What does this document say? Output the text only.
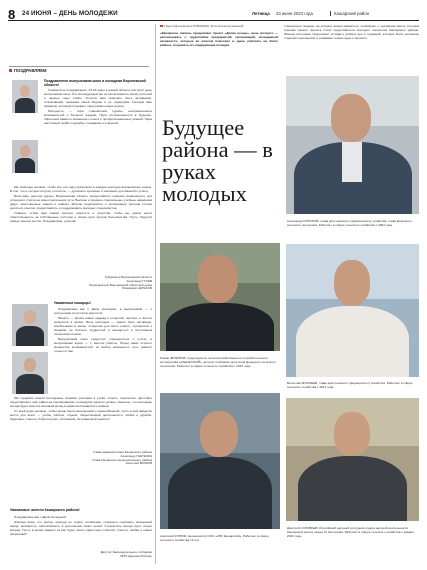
8 24 ИЮНЯ – ДЕНЬ МОЛОДЕЖИ	Летница 23 июня 2023 года	Кашарский район
ПОЗДРАВЛЯЕМ
Поздравление выпускников школ и молодежи Воронежской области!

Совместное поздравление, 23-24 июня в нашей области наступит день выпускников школ. И в последующем вы не раз вспомните своих учителей и первые годы учебы. Хочется вам пожелать быть активными, отзывчивыми, верными своей Родине и ее традициям. Сегодня ваш праздник, который открывает перед вами новые дороги.

Молодость — пора становления судьбы, неограниченных возможностей и больших надежд. Пора устремленности в будущее, обретения важного жизненного опыта и профессиональных умений. Пора настоящей любви и дружбы, созидания и открытий.

Мы искренне желаем, чтобы все эти годы приходили в каждую молодую воронежскую семью. В том, что и эти дни получат отголосок, — духовного здоровья и значимых достижений к успеху.

Всем вам, дорогие друзья, Воронежская область предоставляет широкие возможности для успешного старта на самостоятельном пути. Высшие и средние специальные учебные заведения дадут качественные знания и навыки. Многие предприятия и организации региона готовы делиться опытом, предоставлять и поддерживать молодых специалистов.

Главное, чтобы вам самим хватило смелости и упорства, чтобы вы умели нести ответственность за собственные поступки и порою идти против большинства. Пусть сбудутся самые смелые мечты. Поздравляем, успехов!

Губернатор Воронежской области
Александр ГУСЕВ
Председатель Воронежской областной думы
Владимир НЕТЕСОВ
Уважаемые кашарцы!

Поздравляем вас с Днем молодежи, а выпускников — с получением аттестатов зрелости!

Юность — время новых надежд и открытий, светлых и чистых помыслов в жизни. Быть молодым — значит быть активным, влюбленным в жизнь, открытым для всего нового, стремиться к знаниям, не бояться трудностей и находиться в постоянном творческом поиске.

Выпускникам школ предстоит определиться с путем, а выпускникам вузов — с местом работы. Перед вами открыто множество возможностей, но выбор жизненного пути зависит только от вас.

Мы гордимся нашей молодежью, вашими успехами в учебе, спорте, творчестве. Достойно представляете наш район на соревнованиях и конкурсах разного уровня. Уверены, что молодежь всегда будет вносить весомый вклад в развитие Кашарского района.

От всей души желаем, чтобы жизнь была насыщенной и разнообразной, пусть в ней найдется место для всего — учебы, работы, отдыха, общественной деятельности, любви и дружбы. Здоровья, счастья, благополучия, оптимизма, безграничной энергии!

Глава администрации Кашарского района
Александр ГНЕТЕЗИН
Глава Кашарского муниципального района
Анатолий ВОЛКОВ
Уважаемые жители Кашарского района!

Поздравляем вас с Днем молодежи!

Желаем всем, кто молод, никогда не терять оптимизма, стараться сохранять жизненный заряд, активность, настойчивость в достижении своих целей. Стремитесь всегда идти только вперед. Пусть в жизни каждого из вас будет много радостных событий, счастья, любви и новых свершений!

Депутат Законодательного собрания
ВПП «Единая Россия»
Подготовила Елена КУЗЬМИНА. Фото Елены Кузьминой
«Кашарское завтра» продолжает проект «Делая ночью», цель которого — рассказывать о трудолюбии предприятий, организаций, молодежной активности, которые во многом помогают и здесь работать на благо района, сохранять его лидирующие позиции.
становиться людьми, на которых можно равняться, человеком, с человеком места. Сегодня героями нашего проекта стали представители молодого поколения Кашарского района. Именно молодежь продолжает эстафету добрых дел и традиций, которые были заложены старшим поколением, и развивает новые идеи и проекты.
Будущее района — в руках молодых
Александр КОРОНОВ, глава крестьянского (фермерского) хозяйства, глава Донецкого сельского поселения. Работает в сфере сельского хозяйства с 2004 года.
Роман ФИЛИНОВ, председатель сельскохозяйственного потребительского кооператива «КАШАРСКИЙ», депутат Собрания депутатов Донецкого сельского поселения. Работает в сфере сельского хозяйства с 2015 года.
Вячеслав МОИСЕЕВ, глава крестьянского (фермерского) хозяйства. Работает в сфере сельского хозяйства с 2011 года.
Анатолий КУЗНИК, механизатор ООО «КРК Кашарский». Работает в сфере сельского хозяйства 15 лет.
Дмитрий СОЛОВЬЕВ, Российский научный сотрудник отдела научной деятельности Кашарской школы имени М. Шолохова. Работает в сфере сельского хозяйства с января 2023 года.
